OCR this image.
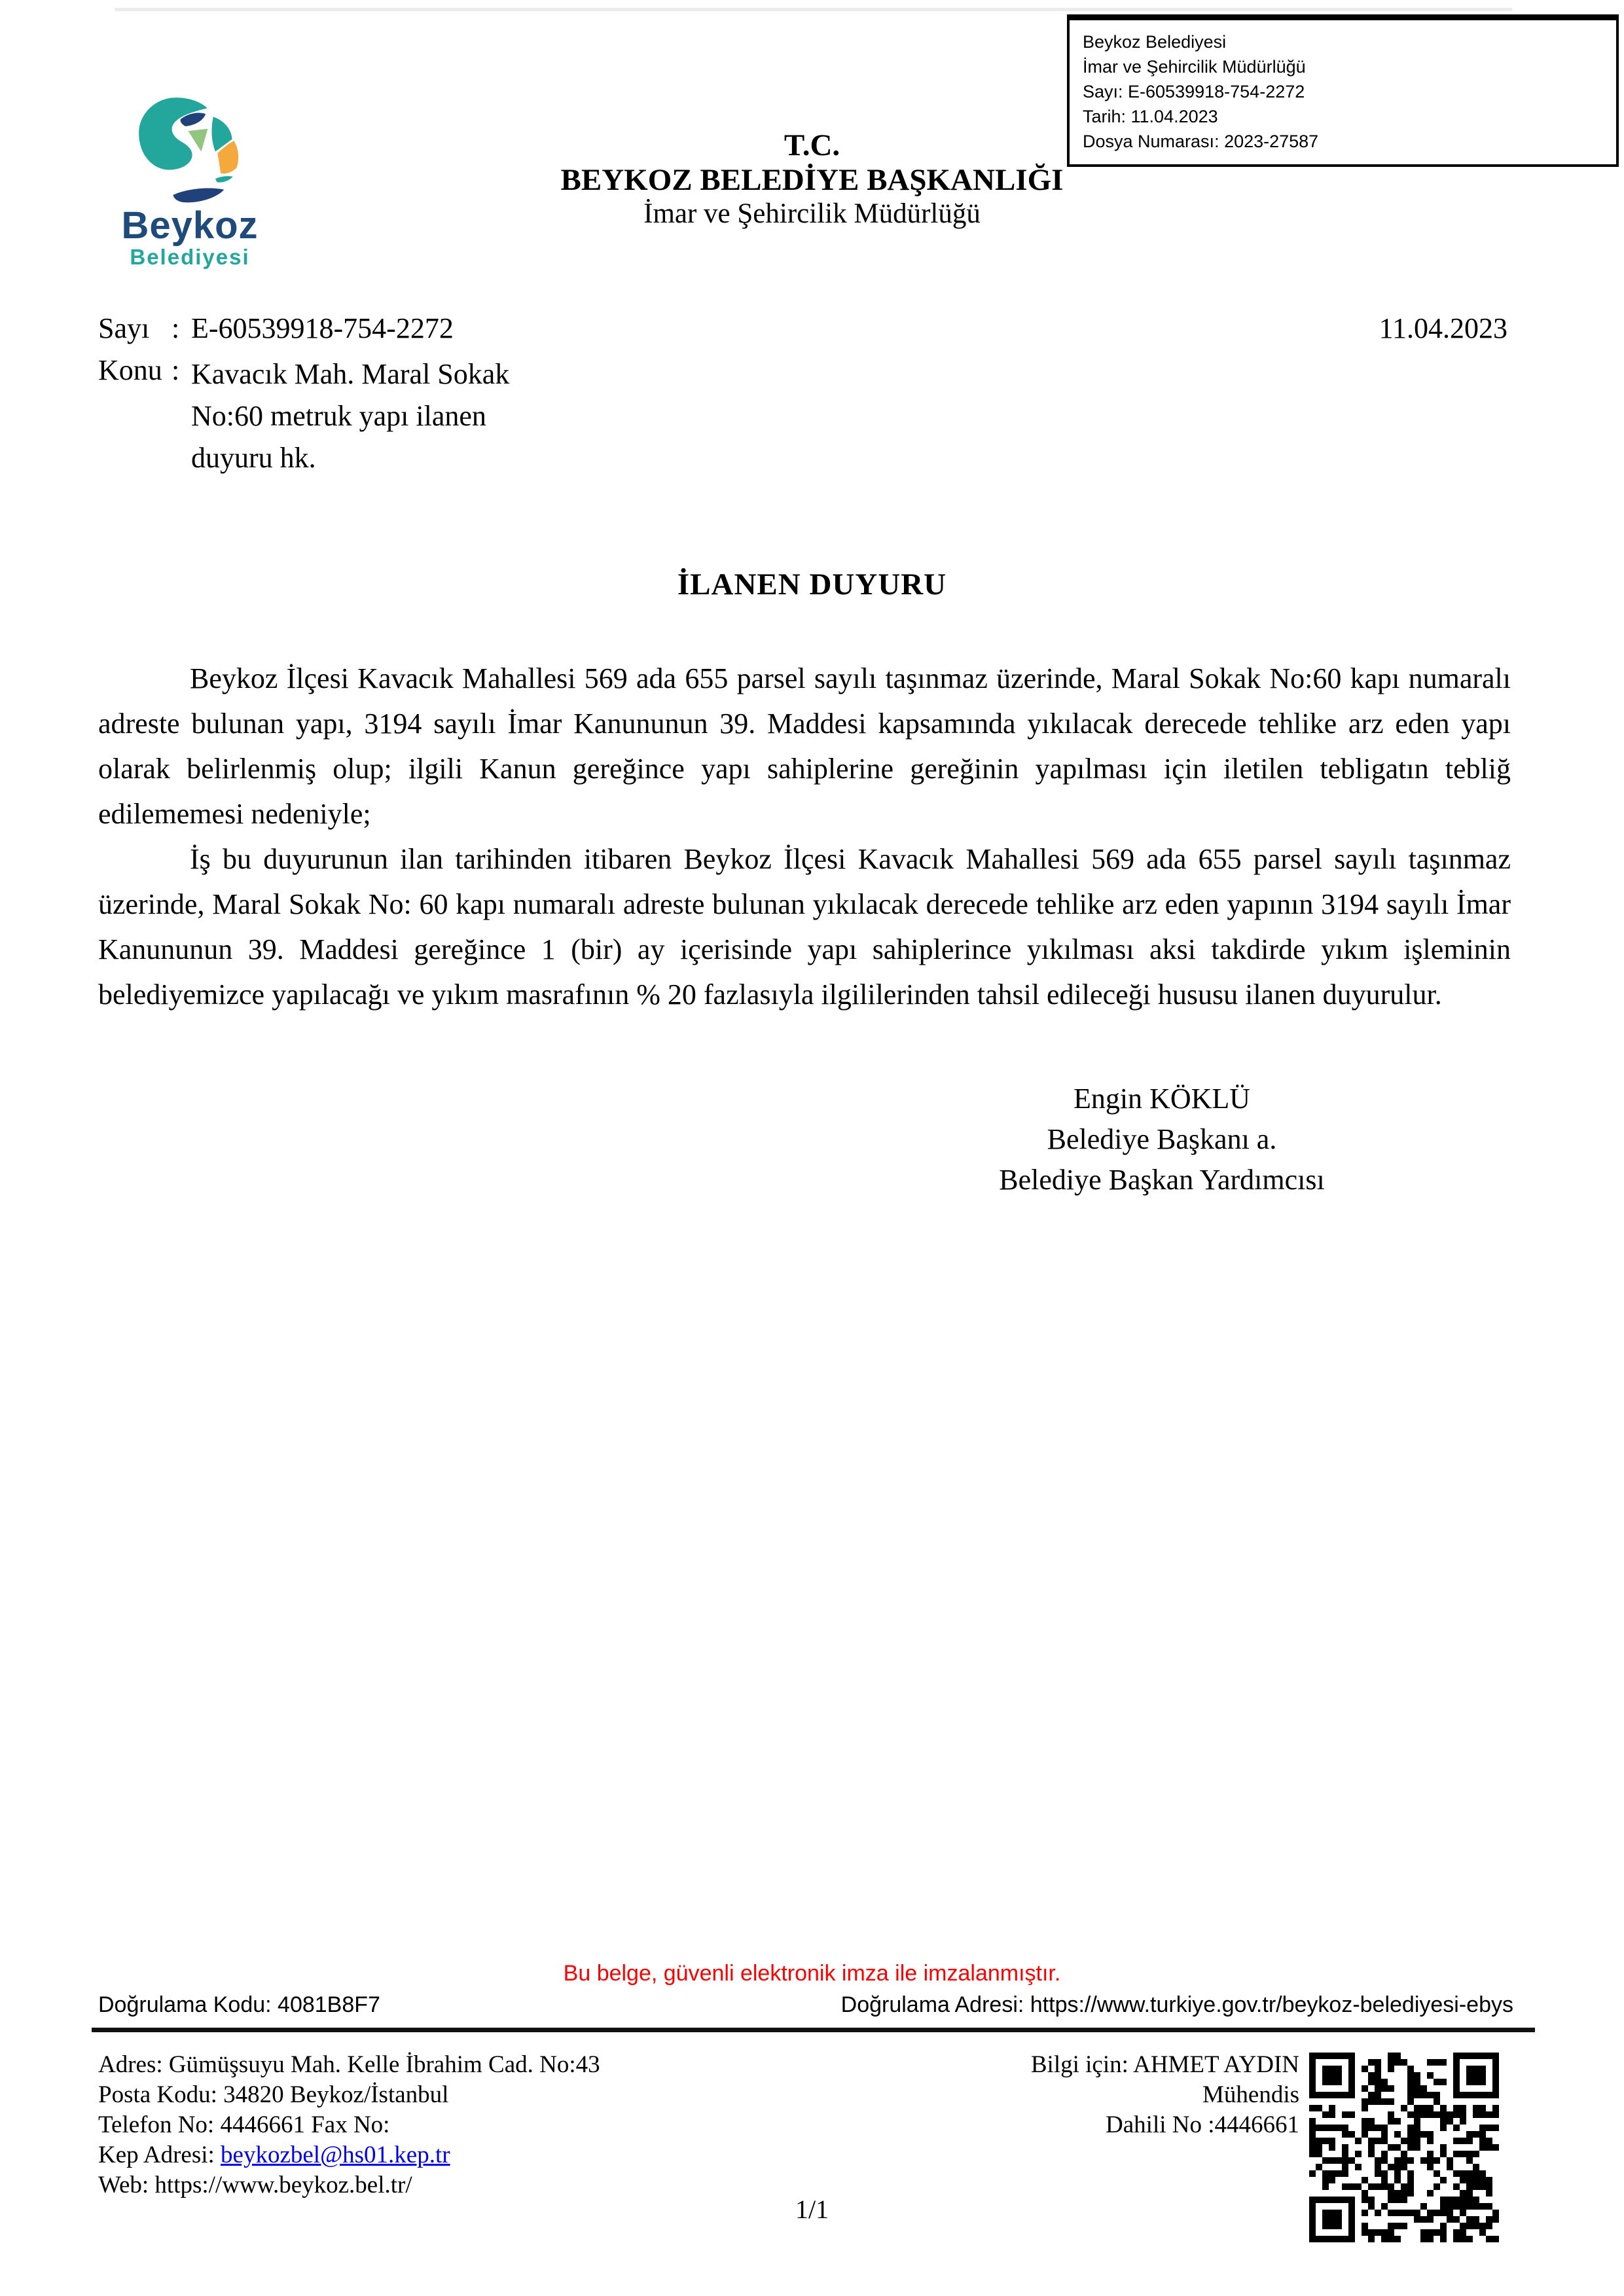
Beykoz Belediyesi
İmar ve Şehircilik Müdürlüğü
Sayı: E-60539918-754-2272
Tarih: 11.04.2023
Dosya Numarası: 2023-27587
Beykoz
Belediyesi
T.C.
BEYKOZ BELEDİYE BAŞKANLIĞI
İmar ve Şehircilik Müdürlüğü
Sayı : E-60539918-754-2272	11.04.2023
Konu : Kavacık Mah. Maral Sokak No:60 metruk yapı ilanen duyuru hk.
İLANEN DUYURU

Beykoz İlçesi Kavacık Mahallesi 569 ada 655 parsel sayılı taşınmaz üzerinde, Maral Sokak No:60 kapı numaralı adreste bulunan yapı, 3194 sayılı İmar Kanununun 39. Maddesi kapsamında yıkılacak derecede tehlike arz eden yapı olarak belirlenmiş olup; ilgili Kanun gereğince yapı sahiplerine gereğinin yapılması için iletilen tebligatın tebliğ edilememesi nedeniyle;

İş bu duyurunun ilan tarihinden itibaren Beykoz İlçesi Kavacık Mahallesi 569 ada 655 parsel sayılı taşınmaz üzerinde, Maral Sokak No: 60 kapı numaralı adreste bulunan yıkılacak derecede tehlike arz eden yapının 3194 sayılı İmar Kanununun 39. Maddesi gereğince 1 (bir) ay içerisinde yapı sahiplerince yıkılması aksi takdirde yıkım işleminin belediyemizce yapılacağı ve yıkım masrafının % 20 fazlasıyla ilgililerinden tahsil edileceği hususu ilanen duyurulur.

Engin KÖKLÜ
Belediye Başkanı a.
Belediye Başkan Yardımcısı
Bu belge, güvenli elektronik imza ile imzalanmıştır.
Doğrulama Kodu: 4081B8F7	Doğrulama Adresi: https://www.turkiye.gov.tr/beykoz-belediyesi-ebys
Adres: Gümüşsuyu Mah. Kelle İbrahim Cad. No:43
Posta Kodu: 34820 Beykoz/İstanbul
Telefon No: 4446661 Fax No:
Kep Adresi: beykozbel@hs01.kep.tr
Web: https://www.beykoz.bel.tr/
Bilgi için: AHMET AYDIN
Mühendis
Dahili No :4446661
1/1
